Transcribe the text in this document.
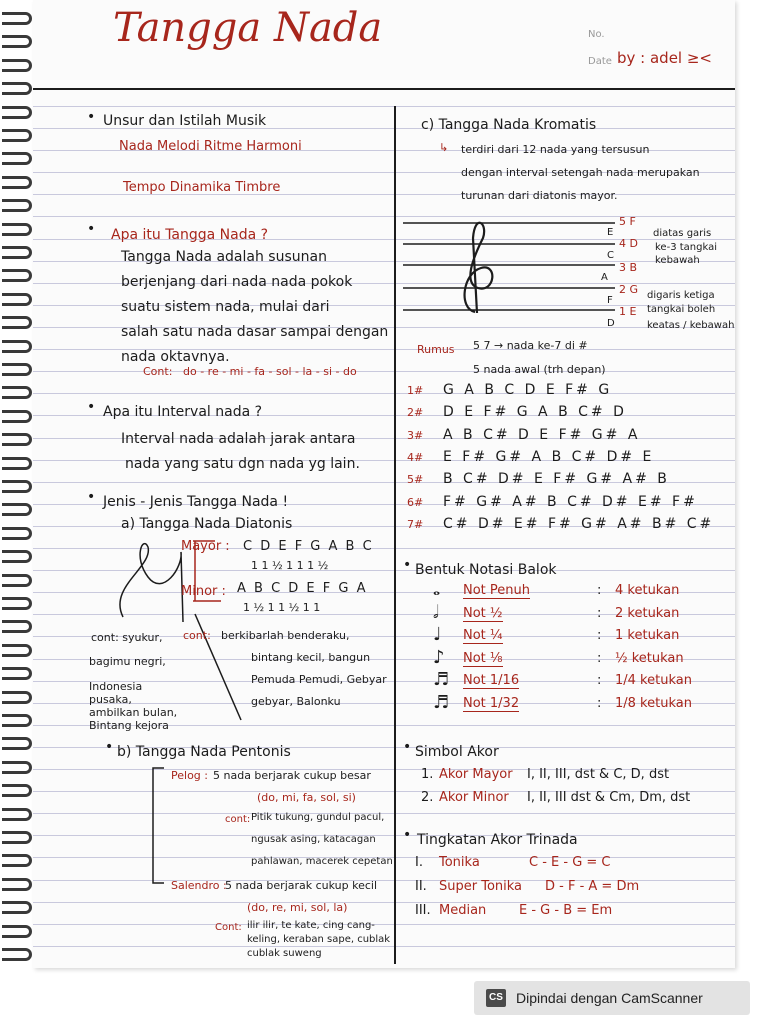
Tangga Nada	No.
Date by : adel ≥<
• Unsur dan Istilah Musik
Nada Melodi Ritme Harmoni
Tempo Dinamika Timbre
• Apa itu Tangga Nada ?
Tangga Nada adalah susunan
berjenjang dari nada nada pokok
suatu sistem nada, mulai dari
salah satu nada dasar sampai dengan
nada oktavnya.
Cont: do - re - mi - fa - sol - la - si - do
• Apa itu Interval nada ?
Interval nada adalah jarak antara
nada yang satu dgn nada yg lain.
• Jenis - Jenis Tangga Nada !
a) Tangga Nada Diatonis
Mayor : C D E F G A B C
1 1 ½ 1 1 1 ½
Minor : A B C D E F G A
1 ½ 1 1 ½ 1 1
cont: syukur,
bagimu negri,
Indonesia
pusaka,
ambilkan bulan,
Bintang kejora
cont: berkibarlah benderaku,
bintang kecil, bangun
Pemuda Pemudi, Gebyar
gebyar, Balonku
• b) Tangga Nada Pentonis
Pelog : 5 nada berjarak cukup besar
(do, mi, fa, sol, si)
cont: Pitik tukung, gundul pacul,
ngusak asing, katacagan
pahlawan, macerek cepetan
Salendro :
5 nada berjarak cukup kecil
(do, re, mi, sol, la)
Cont: ilir ilir, te kate, cing cang-
keling, keraban sape, cublak
cublak suweng
c) Tangga Nada Kromatis
↳ terdiri dari 12 nada yang tersusun
dengan interval setengah nada merupakan
turunan dari diatonis mayor.
5 F
4 D
3 B
2 G
1 E
E
C
A
F
D
diatas garis
ke-3 tangkai
kebawah
digaris ketiga
tangkai boleh
keatas / kebawah
Rumus 5 7 → nada ke-7 di #
5 nada awal (trh depan)
1# G A B C D E F# G
2# D E F# G A B C# D
3# A B C# D E F# G# A
4# E F# G# A B C# D# E
5# B C# D# E F# G# A# B
6# F# G# A# B C# D# E# F#
7# C# D# E# F# G# A# B# C#
• Bentuk Notasi Balok
𝅝 Not Penuh	: 4 ketukan
𝅗𝅥 Not ½	: 2 ketukan
♩ Not ¼	: 1 ketukan
♪ Not ⅛	: ½ ketukan
♬ Not 1/16	: 1/4 ketukan
♬ Not 1/32	: 1/8 ketukan
• Simbol Akor
1. Akor Mayor I, II, III, dst & C, D, dst
2. Akor Minor I, II, III dst & Cm, Dm, dst
• Tingkatan Akor Trinada
I. Tonika	C - E - G = C
II. Super Tonika D - F - A = Dm
III. Median	E - G - B = Em
CS Dipindai dengan CamScanner
